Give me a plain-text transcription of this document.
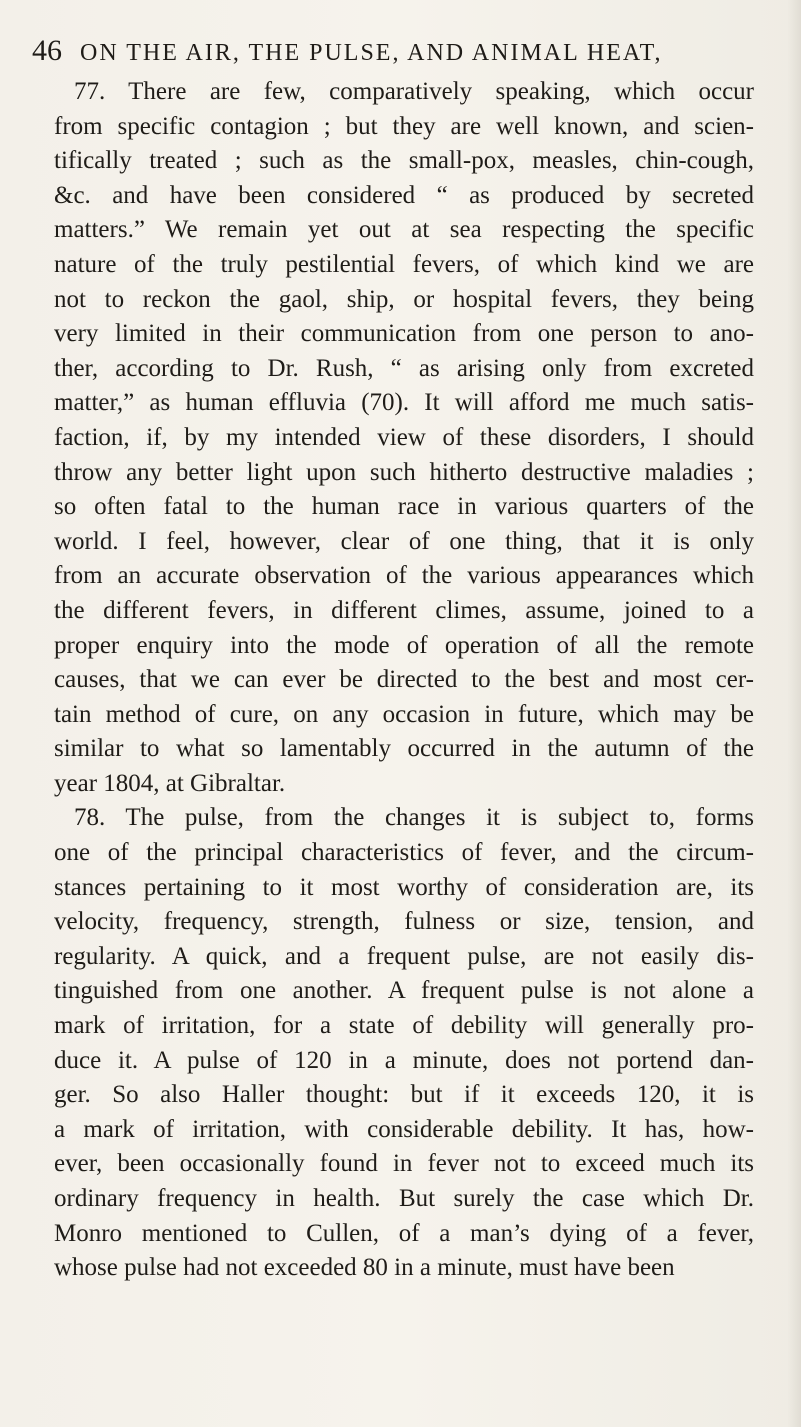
46 ON THE AIR, THE PULSE, AND ANIMAL HEAT,
77. There are few, comparatively speaking, which occur
from specific contagion ; but they are well known, and scien-
tifically treated ; such as the small-pox, measles, chin-cough,
&c. and have been considered “ as produced by secreted
matters.” We remain yet out at sea respecting the specific
nature of the truly pestilential fevers, of which kind we are
not to reckon the gaol, ship, or hospital fevers, they being
very limited in their communication from one person to ano-
ther, according to Dr. Rush, “ as arising only from excreted
matter,” as human effluvia (70). It will afford me much satis-
faction, if, by my intended view of these disorders, I should
throw any better light upon such hitherto destructive maladies ;
so often fatal to the human race in various quarters of the
world. I feel, however, clear of one thing, that it is only
from an accurate observation of the various appearances which
the different fevers, in different climes, assume, joined to a
proper enquiry into the mode of operation of all the remote
causes, that we can ever be directed to the best and most cer-
tain method of cure, on any occasion in future, which may be
similar to what so lamentably occurred in the autumn of the
year 1804, at Gibraltar.
78. The pulse, from the changes it is subject to, forms
one of the principal characteristics of fever, and the circum-
stances pertaining to it most worthy of consideration are, its
velocity, frequency, strength, fulness or size, tension, and
regularity. A quick, and a frequent pulse, are not easily dis-
tinguished from one another. A frequent pulse is not alone a
mark of irritation, for a state of debility will generally pro-
duce it. A pulse of 120 in a minute, does not portend dan-
ger. So also Haller thought: but if it exceeds 120, it is
a mark of irritation, with considerable debility. It has, how-
ever, been occasionally found in fever not to exceed much its
ordinary frequency in health. But surely the case which Dr.
Monro mentioned to Cullen, of a man’s dying of a fever,
whose pulse had not exceeded 80 in a minute, must have been
